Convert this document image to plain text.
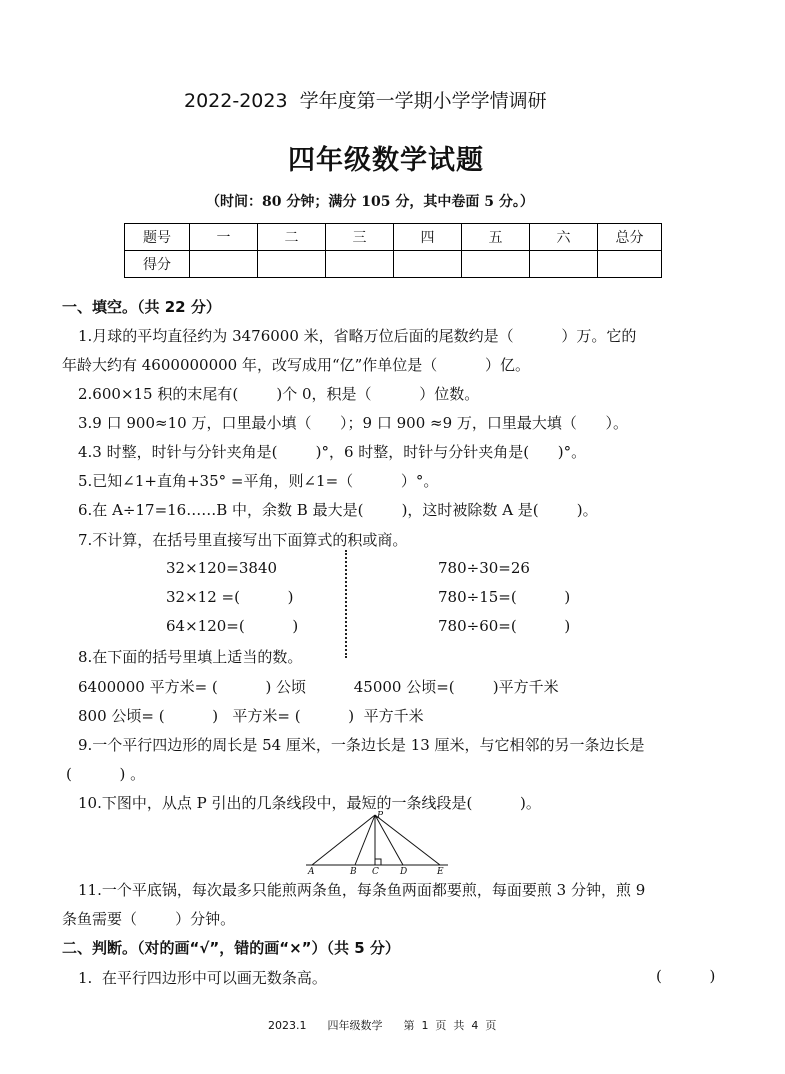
2022-2023  学年度第一学期小学学情调研
四年级数学试题
（时间：80 分钟；满分 105 分，其中卷面 5 分。）
题号	一	二	三	四	五	六	总分
得分							
一、填空。（共 22 分）
1.月球的平均直径约为 3476000 米，省略万位后面的尾数约是（          ）万。它的
年龄大约有 4600000000 年，改写成用“亿”作单位是（          ）亿。
2.600×15 积的末尾有(        )个 0，积是（          ）位数。
3.9 口 900≈10 万，口里最小填（      ）；9 口 900 ≈9 万，口里最大填（      ）。
4.3 时整，时针与分针夹角是(        )°，6 时整，时针与分针夹角是(      )°。
5.已知∠1+直角+35° =平角，则∠1=（          ）°。
6.在 A÷17=16……B 中，余数 B 最大是(        )，这时被除数 A 是(        )。
7.不计算，在括号里直接写出下面算式的积或商。
32×120=3840
32×12 =(          )
64×120=(          )
780÷30=26
780÷15=(          )
780÷60=(          )
8.在下面的括号里填上适当的数。
6400000 平方米= (          ) 公顷          45000 公顷=(        )平方千米
800 公顷= (          )   平方米= (          )  平方千米
9.一个平行四边形的周长是 54 厘米，一条边长是 13 厘米，与它相邻的另一条边长是
(          ) 。
10.下图中，从点 P 引出的几条线段中，最短的一条线段是(          )。
P
A	B C D	E
11.一个平底锅，每次最多只能煎两条鱼，每条鱼两面都要煎，每面要煎 3 分钟，煎 9
条鱼需要（        ）分钟。
二、判断。（对的画“√”，错的画“×”）（共 5 分）
1.  在平行四边形中可以画无数条高。	(          )
2023.1      四年级数学      第  1  页  共  4  页
